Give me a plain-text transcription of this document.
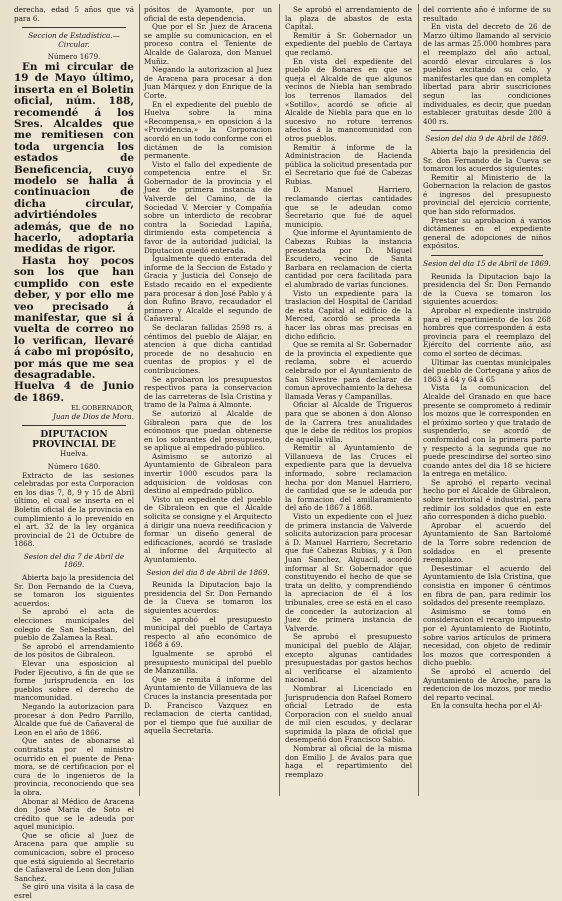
derecha, edad 5 años que vá para 6.

Seccion de Estadística.—Circular.

Número 1679.

En mi circular de 19 de Mayo último, inserta en el Boletin oficial, núm. 188, recomendé á los Sres. Alcaldes que me remitiesen con toda urgencia los estados de Beneficencia, cuyo modelo se halla á continuacion de dicha circular, advirtiéndoles además, que de no hacerlo, adoptaria medidas de rigor.

Hasta hoy pocos son los que han cumplido con este deber, y por ello me veo precisado á manifestar, que si á vuelta de correo no lo verifican, llevaré á cabo mi propósito, por más que me sea desagradable. Huelva 4 de Junio de 1869.

EL GOBERNADOR,

Juan de Dios de Mora.

DIPUTACION PROVINCIAL DE

Huelva.

Número 1680.

Extracto de las sesiones celebradas por esta Corporacion en los dias 7, 8, 9 y 15 de Abril último, el cual se inserta en el Boletin oficial de la provincia en cumplimiento á lo prevenido en el art. 32 de la ley orgánica provincial de 21 de Octubre de 1868.

Sesion del dia 7 de Abril de 1869.

Abierta bajo la presidencia del Sr. Don Fernando de la Cueva, se tomaron los siguientes acuerdos:

Se aprobó el acta de elecciones municipales del colegio de San Sebastian, del pueblo de Zalamea la Real.

Se aprobó el arrendamiento de los pósitos de Gibraleon.

Elevar una esposicion al Poder Ejecutivo, á fin de que se forme jurisprudencia en los pueblos sobre el derecho de mancomunidad.

Negando la autorizacion para procesar á don Pedro Parrillo, Alcalde que fué de Cañaveral de Leon en el año de 1866.

Que antes de abonarse al contratista por el ministro ocurrido en el puente de Pena-mora, se dé certificacion por el cura de lo ingenieros de la provincia, reconociendo que sea la obra.

Abonar al Médico de Aracena don José María de Soto el crédito que se le adeuda por aquel municipio.

Que se oficie al Juez de Aracena para que amplíe su comunicacion, sobre el proceso que está siguiendo al Secretario de Cañaveral de Leon don Julian Sanchez.

Se giró una visita á la casa de esrel

pósitos de Ayamonte, por un oficial de esta dependencia.

Que por el Sr. Juez de Aracena se amplíe su comunicacion, en el proceso contra el Teniente de Alcalde de Galaroza, don Manuel Muñiz.

Negando la autorizacion al Juez de Aracena para procesar á don Juan Márquez y don Enrique de la Corte.

En el expediente del pueblo de Huelva sobre la mina «Recompensa,» en oposicion á la «Providencia,» la Corporacion acordó en un todo conforme con el dictámen de la comision permanente.

Visto el fallo del expediente de competencia entre el Sr. Gobernador de la provincia y el Juez de primera instancia de Valverde del Camino, de la Sociedad V. Mercier y Compañía sobre un interdicto de recobrar contra la Sociedad Lapiña, dirimiendo esta competencia á favor de la autoridad judicial, la Diputacion quedó enterada.

Igualmente quedó enterada del informe de la Seccion de Estado y Gracia y Justicia del Consejo de Estado recaido en el expediente para procesar á don José Pablo y á don Rufino Bravo, recaudador el primero y Alcalde el segundo de Cañaveral.

Se declaran fallidas 2598 rs. á céntimos del pueblo de Alájar, en atencion á que dicha cantidad procede de no desahucio en cuentas de propios y el de contribuciones.

Se aprobaron los presupuestos respectivos para la conservacion de las carreteras de Isla Cristina y tramo de la Palma á Almonte.

Se autorizó al Alcalde de Gibraleon para que de los ecónomos que puedan obtenerse en los sobrantes del presupuesto, se aplique al empedrado público.

Asimismo se autorizó al Ayuntamiento de Gibraleon para invertir 1000 escudos para la adquisicion de voldosas con destino al empedrado público.

Visto un expediente del pueblo de Gibraleon en que el Alcalde solicita se consigne y el Arquitecto á dirigir una nueva reedificacion y formar un diseño general de edificaciones, acordó se traslade al informe del Arquitecto al Ayuntamiento.

Sesion del dia 8 de Abril de 1869.

Reunida la Diputacion bajo la presidencia del Sr. Don Fernando de la Cueva se tomaron los siguientes acuerdos:

Se aprobó el presupuesto municipal del pueblo de Cartaya respecto al año económico de 1868 á 69.

Igualmente se aprobó el presupuesto municipal del pueblo de Manzanilla.

Que se remita á informe del Ayuntamiento de Villanueva de las Cruces la instancia presentada por D. Francisco Vazquez en reclamacion de cierta cantidad, por el tiempo que fué auxiliar de aquella Secretaría.

Se aprobó el arrendamiento de la plaza de abastos de esta Capital.

Remitir á Sr. Gobernador un expediente del pueblo de Cartaya que reclamó.

En vista del expediente del pueblo de Bonares en que se queja el Alcalde de que algunos vecinos de Niebla han sembrado los terrenos llamados del «Sotillo», acordó se oficie al Alcalde de Niebla para que en lo sucesivo no roture terrenos afectos á la mancomunidad con otros pueblos.

Remitir á informe de la Administracion de Hacienda pública la solicitud presentada por el Secretario que fué de Cabezas Rubias.

D. Manuel Harriero, reclamando ciertas cantidades que se le adeudan como Secretario que fué de aquel municipio.

Que informe el Ayuntamiento de Cabezas Rubias la instancia presentada por D. Miguel Escudero, vecino de Santa Barbara en reclamacion de cierta cantidad por cera facilitada para el alumbrado de varias funciones.

Visto un expediente para la traslacion del Hospital de Caridad de esta Capital al edificio de la Merced, acordó se proceda á hacer las obras mas precisas en dicho edificio.

Que se remita al Sr. Gobernador de la provincia el expediente que reclama, sobre el acuerdo celebrado por el Ayuntamiento de San Silvestre para declarar de comun aprovechamiento la dehesa llamada Veras y Campanillas.

Oficiar al Alcalde de Trigueros para que se abonen á don Alonso de la Carrera tres anualidades que le debe de réditos los propios de aquella villa.

Remitir al Ayuntamiento de Villanueva de las Cruces el expediente para que la devuelva informado, sobre reclamacion hecha por don Manuel Harriero, de cantidad que se le adeuda por la formacion del amillaramiento del año de 1867 á 1868.

Visto un expediente con el Juez de primera instancia de Valverde solicita autorizacion para procesar á D. Manuel Harriero, Secretario que fué Cabezas Rubias, y á Don Juan Sanchez, Alguacil, acordó informar al Sr. Gobernador que constituyendo el hecho de que se trata un delito, y comprendiéndo la apreciacion de él á los tribunales, cree se está en el caso de conceder la autorizacion al Juez de primera instancia de Valverde.

Se aprobó el presupuesto municipal del pueblo de Alájar, excepto algunas cantidades presupuestadas por gastos hechos al verificarse el alzamiento nacional.

Nombrar al Licenciado en Jurisprudencia don Rafael Romero oficial Letrado de esta Corporacion con el sueldo anual de mil cien escudos, y declarar suprimida la plaza de oficial que desempeñó don Francisco Sabio.

Nombrar al oficial de la misma don Emilio J. de Avalos para que haga el repartimiento del reemplazo

del corriente año é informe de su resultado

En vista del decreto de 26 de Marzo último llamando al servicio de las armas 25.000 hombres para el reemplazo del año actual, acordó elevar circulares á los pueblos excitando su celo, y manifestarles que dan en completa libertad para abrir suscriciones segun las condiciones individuales, es decir, que puedan establecer gratuitas desde 200 á 400 rs.

Sesion del dia 9 de Abril de 1869.

Abierta bajo la presidencia del Sr. don Fernando de la Cueva se tomaron los acuerdos siguientes:

Remitir al Ministerio de la Gobernacion la relacion de gastos é ingresos del presupuesto provincial del ejercicio corriente, que han sido reformados.

Prestar su aprobacion á varios dictámenes en el expediente general de adopciones de niños expósitos.

Sesion del dia 15 de Abril de 1869.

Reunida la Diputacion bajo la presidencia del Sr. Don Fernando de la Cueva se tomaron los siguientes acuerdos:

Aprobar el expediente instruido para el repartimiento de los 268 hombres que corresponden á esta provincia para el reemplazo del Ejército del corriente año, así como el sorteo de décimas.

Ultimar las cuentas municipales del pueblo de Cortegana y años de 1863 á 64 y 64 á 65

Vista la comunicacion del Alcalde del Granado en que hace presente se comprometo á redimir los mozos que le corresponden en el próximo sorteo y que tratado de suspenderlo, se acordó de conformidad con la primera parte y respecto á la segunda que no puede prescindirse del sorteo sino cuando antes del dia 18 se hiciere la entrega en metálico.

Se aprobó el reparto vecinal hecho por el Alcalde de Gibraleon, sobre territorial é industrial, para redimir los soldados que en este año corresponden á dicho pueblo.

Aprobar el acuerdo del Ayuntamiento de San Bartolomé de la Torre sobre redencion de soldados en el presente reemplazo.

Desestimar el acuerdo del Ayuntamiento de Isla Cristina, que consistia en imponer 6 céntimos en fibra de pan, para redimir los soldados del presente reemplazo.

Asimismo se tomó en consideracion el recargo impuesto por el Ayuntamiento de Riotinto, sobre varios artículos de primera necesidad, con objeto de redimir los mozos que corresponden á dicho pueblo.

Se aprobó el acuerdo del Ayuntamiento de Aroche, para la redencion de los mozos, por medio del reparto vecinal.

En la consulta hecha por el Al-
